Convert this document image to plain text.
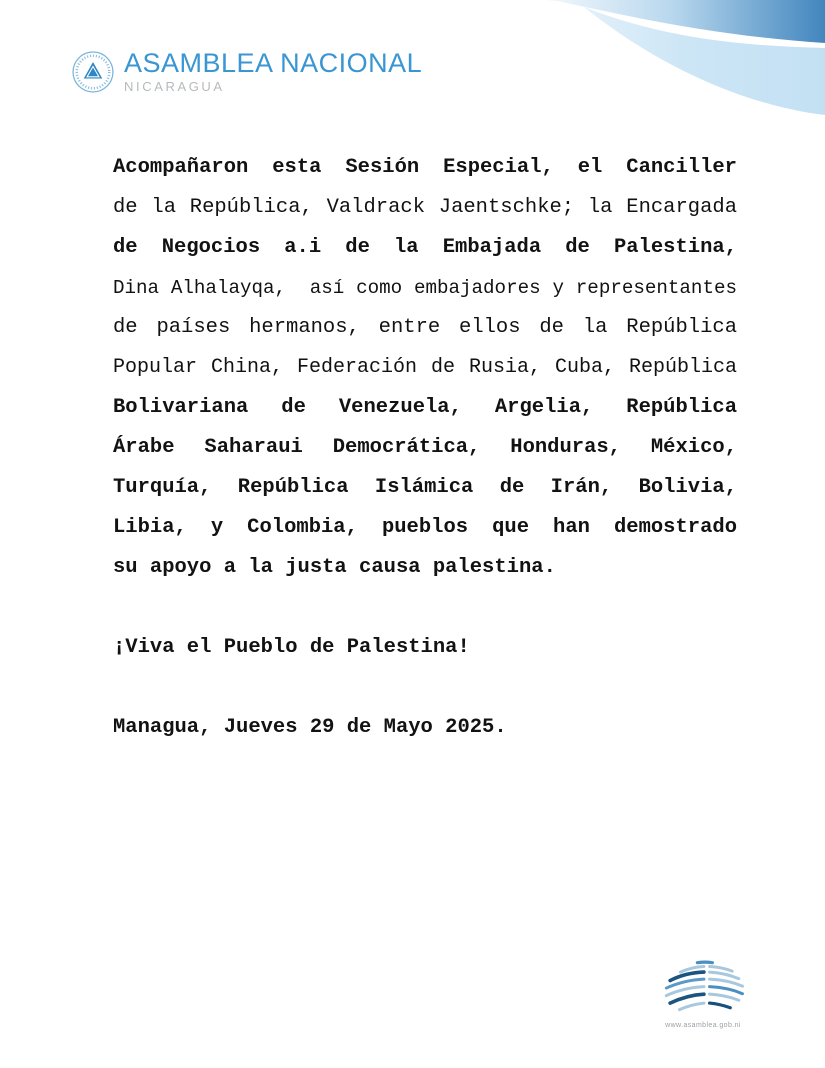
ASAMBLEA NACIONAL
NICARAGUA
Acompañaron esta Sesión Especial, el Canciller
de la República, Valdrack Jaentschke; la Encargada
de Negocios a.i de la Embajada de Palestina,
Dina Alhalayqa,  así como embajadores y representantes
de países hermanos, entre ellos de la República
Popular China, Federación de Rusia, Cuba, República
Bolivariana de Venezuela, Argelia, República
Árabe Saharaui Democrática, Honduras, México,
Turquía, República Islámica de Irán, Bolivia,
Libia, y Colombia, pueblos que han demostrado
su apoyo a la justa causa palestina.
¡Viva el Pueblo de Palestina!
Managua, Jueves 29 de Mayo 2025.
www.asamblea.gob.ni
